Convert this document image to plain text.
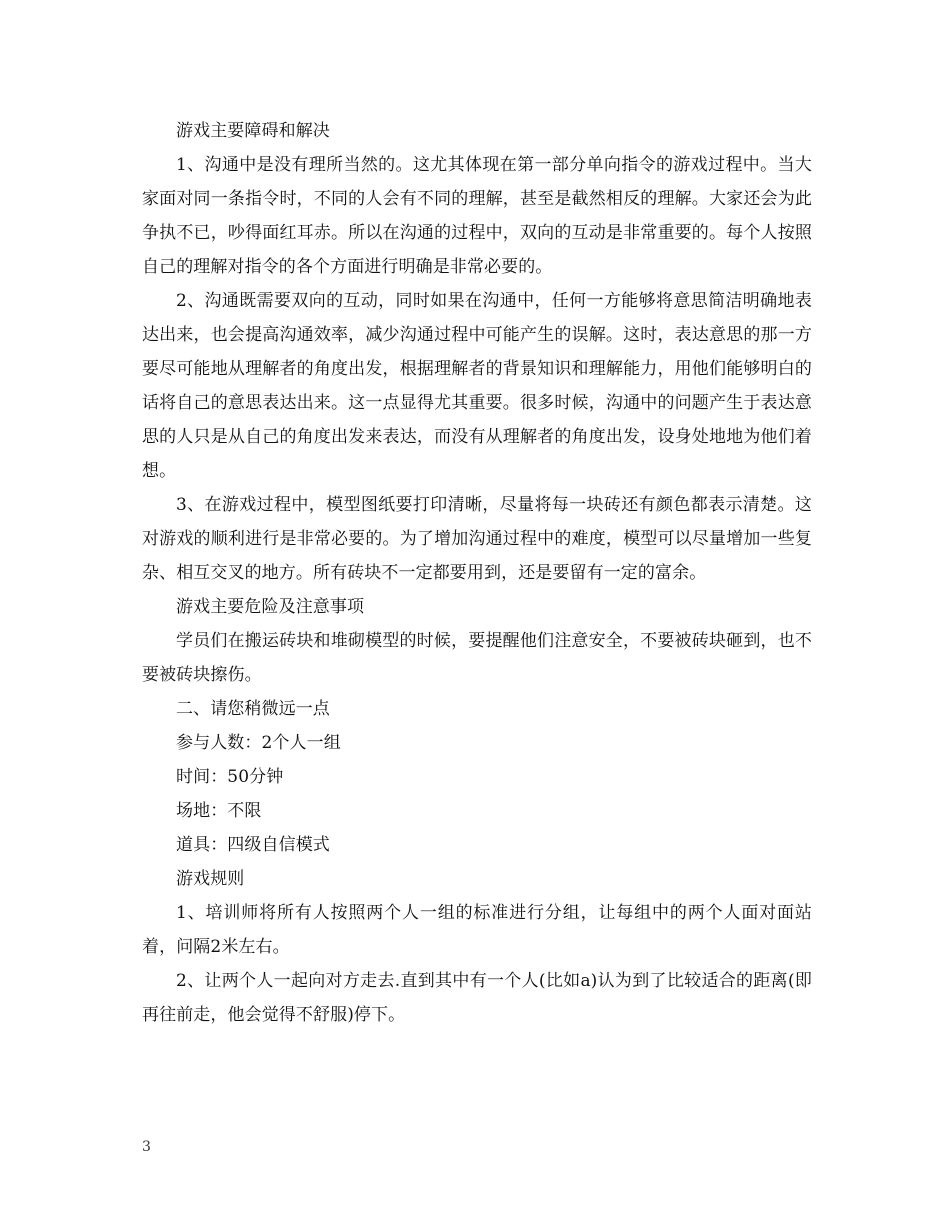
游戏主要障碍和解决

1、沟通中是没有理所当然的。这尤其体现在第一部分单向指令的游戏过程中。当大家面对同一条指令时，不同的人会有不同的理解，甚至是截然相反的理解。大家还会为此争执不已，吵得面红耳赤。所以在沟通的过程中，双向的互动是非常重要的。每个人按照自己的理解对指令的各个方面进行明确是非常必要的。

2、沟通既需要双向的互动，同时如果在沟通中，任何一方能够将意思简洁明确地表达出来，也会提高沟通效率，减少沟通过程中可能产生的误解。这时，表达意思的那一方要尽可能地从理解者的角度出发，根据理解者的背景知识和理解能力，用他们能够明白的话将自己的意思表达出来。这一点显得尤其重要。很多时候，沟通中的问题产生于表达意思的人只是从自己的角度出发来表达，而没有从理解者的角度出发，设身处地地为他们着想。

3、在游戏过程中，模型图纸要打印清晰，尽量将每一块砖还有颜色都表示清楚。这对游戏的顺利进行是非常必要的。为了增加沟通过程中的难度，模型可以尽量增加一些复杂、相互交叉的地方。所有砖块不一定都要用到，还是要留有一定的富余。

游戏主要危险及注意事项

学员们在搬运砖块和堆砌模型的时候，要提醒他们注意安全，不要被砖块砸到，也不要被砖块擦伤。

二、请您稍微远一点

参与人数：2个人一组

时间：50分钟

场地：不限

道具：四级自信模式

游戏规则

1、培训师将所有人按照两个人一组的标准进行分组，让每组中的两个人面对面站着，问隔2米左右。

2、让两个人一起向对方走去.直到其中有一个人(比如a)认为到了比较适合的距离(即再往前走，他会觉得不舒服)停下。

3
